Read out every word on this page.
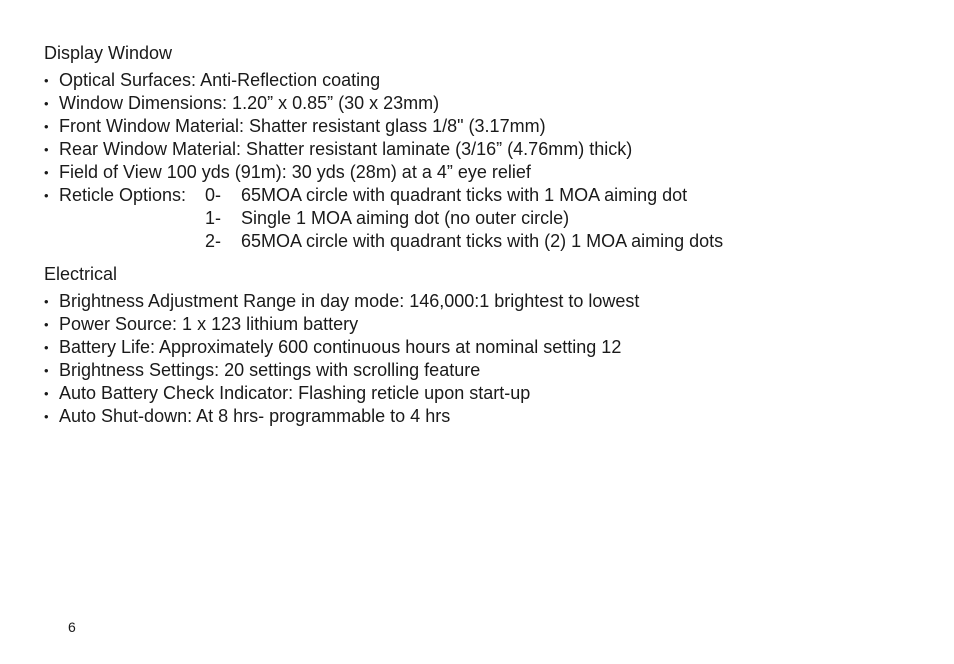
Display Window
• Optical Surfaces: Anti-Reflection coating
• Window Dimensions: 1.20” x 0.85” (30 x 23mm)
• Front Window Material: Shatter resistant glass 1/8" (3.17mm)
• Rear Window Material: Shatter resistant laminate (3/16” (4.76mm) thick)
• Field of View 100 yds (91m): 30 yds (28m) at a 4” eye relief
• Reticle Options:	0-	65MOA circle with quadrant ticks with 1 MOA aiming dot
1-	Single 1 MOA aiming dot (no outer circle)
2-	65MOA circle with quadrant ticks with (2) 1 MOA aiming dots
Electrical
• Brightness Adjustment Range in day mode: 146,000:1 brightest to lowest
• Power Source: 1 x 123 lithium battery
• Battery Life: Approximately 600 continuous hours at nominal setting 12
• Brightness Settings: 20 settings with scrolling feature
• Auto Battery Check Indicator: Flashing reticle upon start-up
• Auto Shut-down: At 8 hrs- programmable to 4 hrs
6
